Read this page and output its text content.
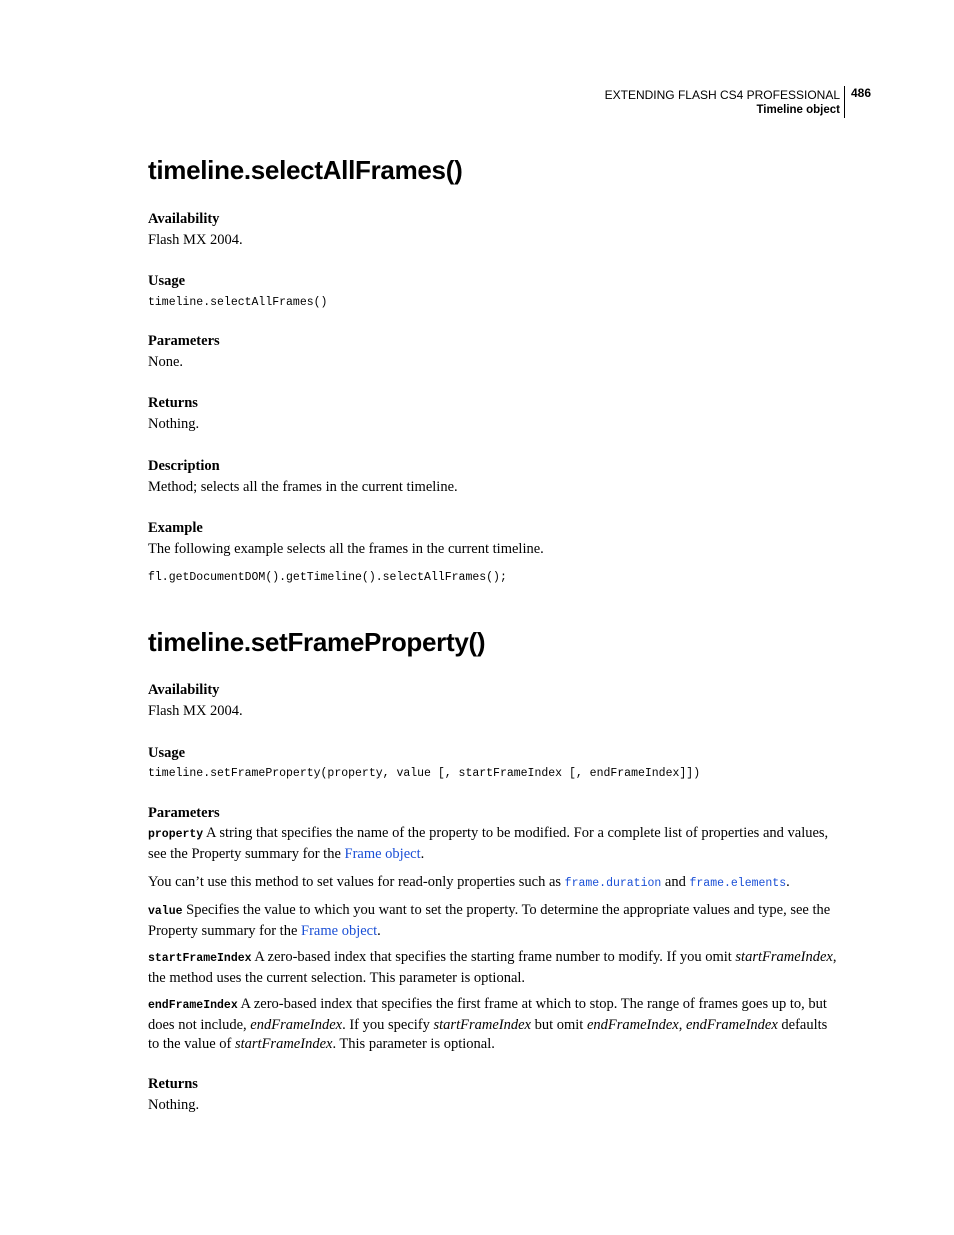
EXTENDING FLASH CS4 PROFESSIONAL
Timeline object
486
timeline.selectAllFrames()
Availability
Flash MX 2004.
Usage
timeline.selectAllFrames()
Parameters
None.
Returns
Nothing.
Description
Method; selects all the frames in the current timeline.
Example
The following example selects all the frames in the current timeline.
fl.getDocumentDOM().getTimeline().selectAllFrames();
timeline.setFrameProperty()
Availability
Flash MX 2004.
Usage
timeline.setFrameProperty(property, value [, startFrameIndex [, endFrameIndex]])
Parameters
property A string that specifies the name of the property to be modified. For a complete list of properties and values, see the Property summary for the Frame object.
You can’t use this method to set values for read-only properties such as frame.duration and frame.elements.
value Specifies the value to which you want to set the property. To determine the appropriate values and type, see the Property summary for the Frame object.
startFrameIndex A zero-based index that specifies the starting frame number to modify. If you omit startFrameIndex, the method uses the current selection. This parameter is optional.
endFrameIndex A zero-based index that specifies the first frame at which to stop. The range of frames goes up to, but does not include, endFrameIndex. If you specify startFrameIndex but omit endFrameIndex, endFrameIndex defaults to the value of startFrameIndex. This parameter is optional.
Returns
Nothing.
